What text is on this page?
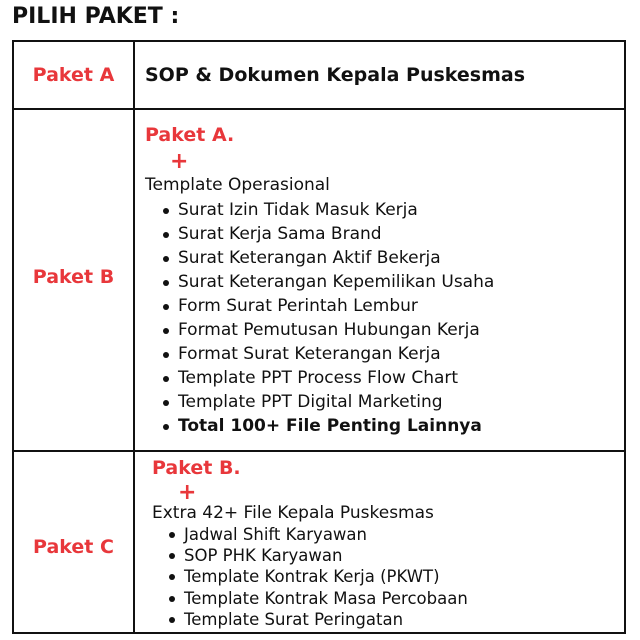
PILIH PAKET :
Paket A	SOP & Dokumen Kepala Puskesmas
Paket B
Paket A.
+
Template Operasional
Surat Izin Tidak Masuk Kerja
Surat Kerja Sama Brand
Surat Keterangan Aktif Bekerja
Surat Keterangan Kepemilikan Usaha
Form Surat Perintah Lembur
Format Pemutusan Hubungan Kerja
Format Surat Keterangan Kerja
Template PPT Process Flow Chart
Template PPT Digital Marketing
Total 100+ File Penting Lainnya
Paket C
Paket B.
+
Extra 42+ File Kepala Puskesmas
Jadwal Shift Karyawan
SOP PHK Karyawan
Template Kontrak Kerja (PKWT)
Template Kontrak Masa Percobaan
Template Surat Peringatan
